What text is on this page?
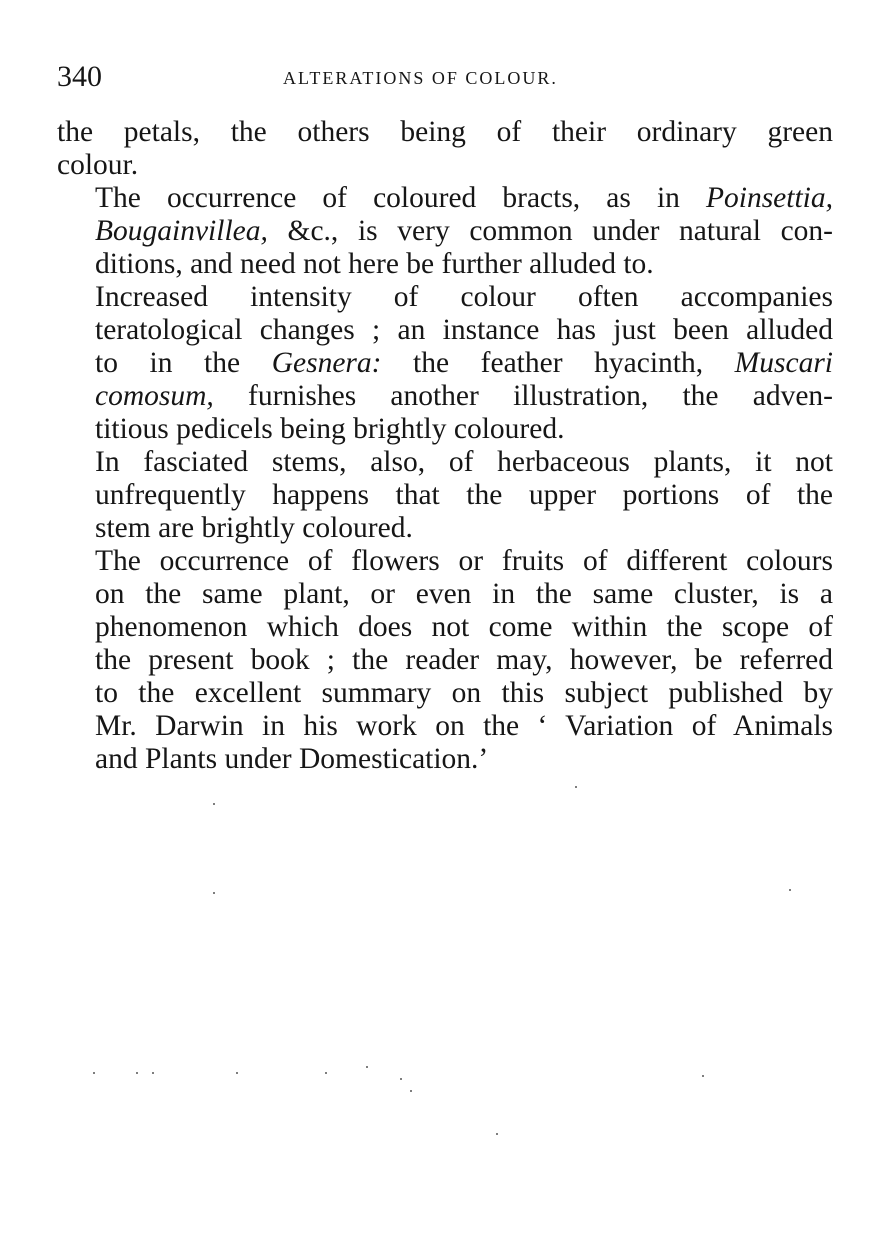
340	ALTERATIONS OF COLOUR.

the petals, the others being of their ordinary green
colour.

The occurrence of coloured bracts, as in Poinsettia,
Bougainvillea, &c., is very common under natural con-
ditions, and need not here be further alluded to.

Increased intensity of colour often accompanies
teratological changes ; an instance has just been alluded
to in the Gesnera: the feather hyacinth, Muscari
comosum, furnishes another illustration, the adven-
titious pedicels being brightly coloured.

In fasciated stems, also, of herbaceous plants, it not
unfrequently happens that the upper portions of the
stem are brightly coloured.

The occurrence of flowers or fruits of different colours
on the same plant, or even in the same cluster, is a
phenomenon which does not come within the scope of
the present book ; the reader may, however, be referred
to the excellent summary on this subject published by
Mr. Darwin in his work on the ‘ Variation of Animals
and Plants under Domestication.’
